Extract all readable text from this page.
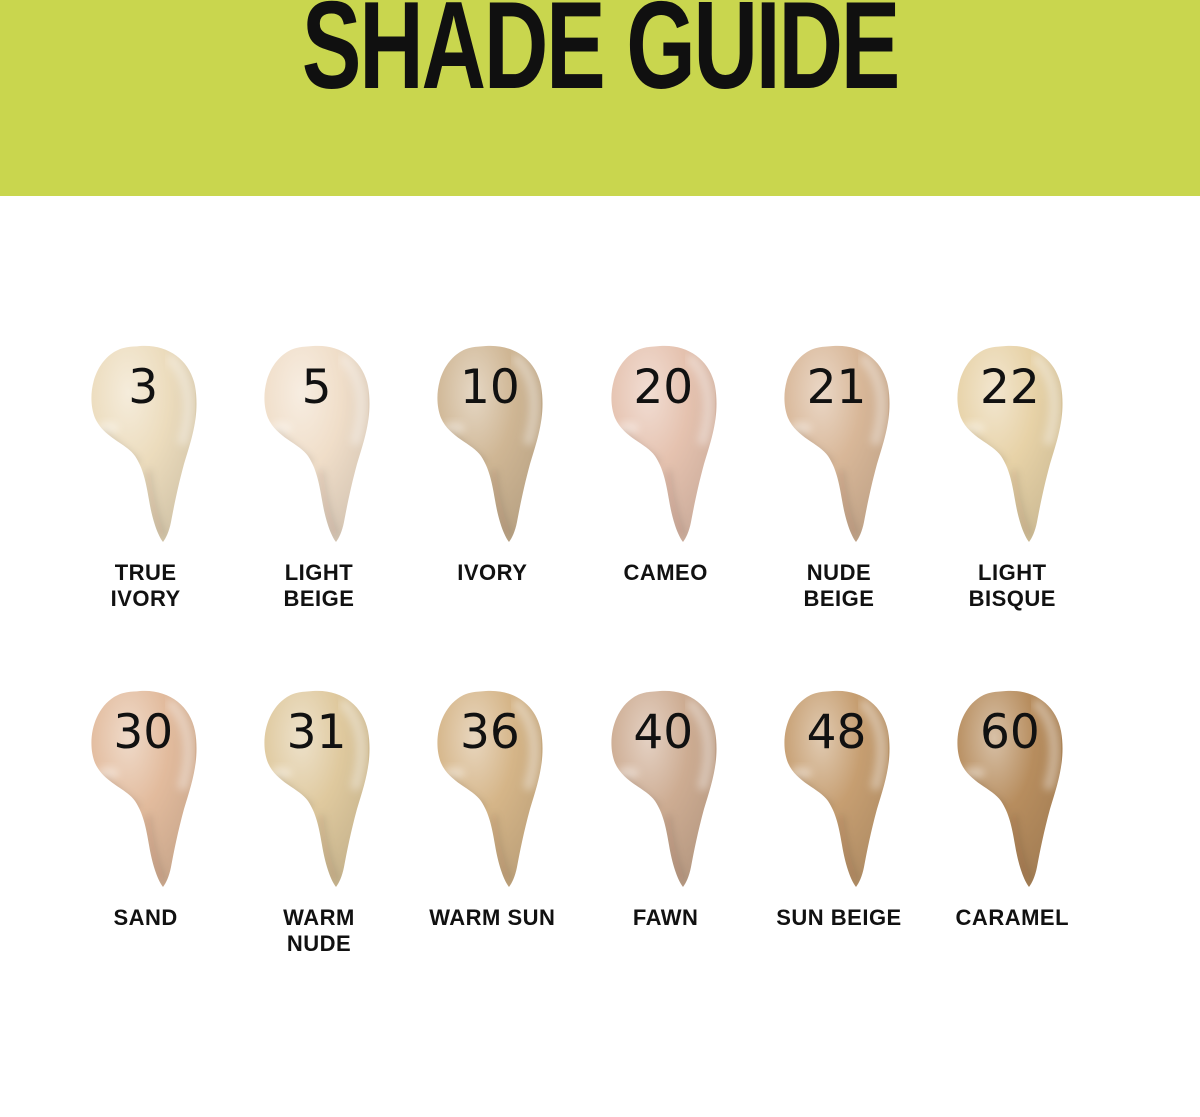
SHADE GUIDE
3
TRUE IVORY
5
LIGHT BEIGE
10
IVORY
20
CAMEO
21
NUDE BEIGE
22
LIGHT BISQUE
30
SAND
31
WARM NUDE
36
WARM SUN
40
FAWN
48
SUN BEIGE
60
CARAMEL
